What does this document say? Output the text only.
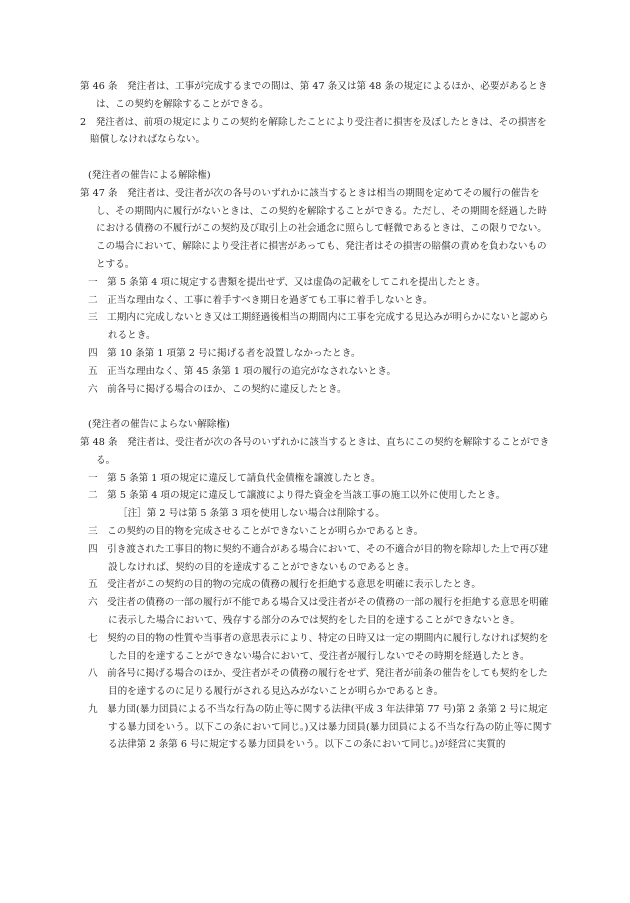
第 46 条　発注者は、工事が完成するまでの間は、第 47 条又は第 48 条の規定によるほか、必要があるときは、この契約を解除することができる。
2　発注者は、前項の規定によりこの契約を解除したことにより受注者に損害を及ぼしたときは、その損害を賠償しなければならない。
(発注者の催告による解除権)
第 47 条　発注者は、受注者が次の各号のいずれかに該当するときは相当の期間を定めてその履行の催告をし、その期間内に履行がないときは、この契約を解除することができる。ただし、その期間を経過した時における債務の不履行がこの契約及び取引上の社会通念に照らして軽微であるときは、この限りでない。この場合において、解除により受注者に損害があっても、発注者はその損害の賠償の責めを負わないものとする。
一　第 5 条第 4 項に規定する書類を提出せず、又は虚偽の記載をしてこれを提出したとき。
二　正当な理由なく、工事に着手すべき期日を過ぎても工事に着手しないとき。
三　工期内に完成しないとき又は工期経過後相当の期間内に工事を完成する見込みが明らかにないと認められるとき。
四　第 10 条第 1 項第 2 号に掲げる者を設置しなかったとき。
五　正当な理由なく、第 45 条第 1 項の履行の追完がなされないとき。
六　前各号に掲げる場合のほか、この契約に違反したとき。
(発注者の催告によらない解除権)
第 48 条　発注者は、受注者が次の各号のいずれかに該当するときは、直ちにこの契約を解除することができる。
一　第 5 条第 1 項の規定に違反して請負代金債権を譲渡したとき。
二　第 5 条第 4 項の規定に違反して譲渡により得た資金を当該工事の施工以外に使用したとき。
［注］第 2 号は第 5 条第 3 項を使用しない場合は削除する。
三　この契約の目的物を完成させることができないことが明らかであるとき。
四　引き渡された工事目的物に契約不適合がある場合において、その不適合が目的物を除却した上で再び建設しなければ、契約の目的を達成することができないものであるとき。
五　受注者がこの契約の目的物の完成の債務の履行を拒絶する意思を明確に表示したとき。
六　受注者の債務の一部の履行が不能である場合又は受注者がその債務の一部の履行を拒絶する意思を明確に表示した場合において、残存する部分のみでは契約をした目的を達することができないとき。
七　契約の目的物の性質や当事者の意思表示により、特定の日時又は一定の期間内に履行しなければ契約をした目的を達することができない場合において、受注者が履行しないでその時期を経過したとき。
八　前各号に掲げる場合のほか、受注者がその債務の履行をせず、発注者が前条の催告をしても契約をした目的を達するのに足りる履行がされる見込みがないことが明らかであるとき。
九　暴力団(暴力団員による不当な行為の防止等に関する法律(平成 3 年法律第 77 号)第 2 条第 2 号に規定する暴力団をいう。以下この条において同じ。)又は暴力団員(暴力団員による不当な行為の防止等に関する法律第 2 条第 6 号に規定する暴力団員をいう。以下この条において同じ。)が経営に実質的
